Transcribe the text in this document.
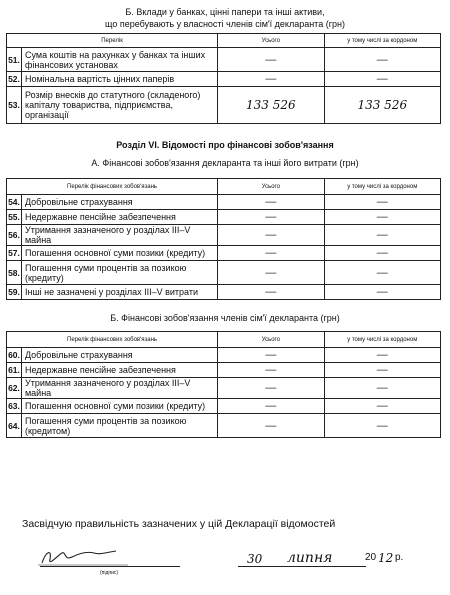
Б. Вклади у банках, цінні папери та інші активи,
що перебувають у власності членів сім'ї декларанта (грн)
Перелік		Усього	у тому числі за кордоном
51.	Сума коштів на рахунках у банках та інших фінансових установах	—	—
52.	Номінальна вартість цінних паперів	—	—
53.	Розмір внесків до статутного (складеного) капіталу товариства, підприємства, організації	133 526	133 526
Розділ VI. Відомості про фінансові зобов'язання
А. Фінансові зобов'язання декларанта та інші його витрати (грн)
Перелік фінансових зобов'язань		Усього	у тому числі за кордоном
54.	Добровільне страхування	—	—
55.	Недержавне пенсійне забезпечення	—	—
56.	Утримання зазначеного у розділах III–V майна	—	—
57.	Погашення основної суми позики (кредиту)	—	—
58.	Погашення суми процентів за позикою (кредиту)	—	—
59.	Інші не зазначені у розділах III–V витрати	—	—
Б. Фінансові зобов'язання членів сім'ї декларанта (грн)
Перелік фінансових зобов'язань		Усього	у тому числі за кордоном
60.	Добровільне страхування	—	—
61.	Недержавне пенсійне забезпечення	—	—
62.	Утримання зазначеного у розділах III–V майна	—	—
63.	Погашення основної суми позики (кредиту)	—	—
64.	Погашення суми процентів за позикою (кредитом)	—	—
Засвідчую правильність зазначених у цій Декларації відомостей
(підпис)
30 липня	20 12 р.
